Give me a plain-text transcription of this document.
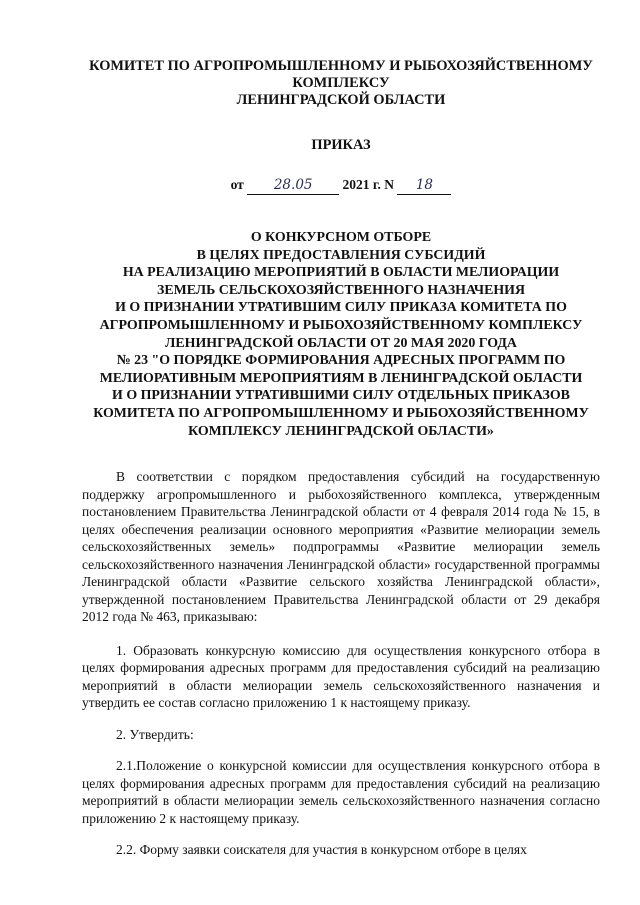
КОМИТЕТ ПО АГРОПРОМЫШЛЕННОМУ И РЫБОХОЗЯЙСТВЕННОМУ
КОМПЛЕКСУ
ЛЕНИНГРАДСКОЙ ОБЛАСТИ
ПРИКАЗ
от 28.05 2021 г. N 18
О КОНКУРСНОМ ОТБОРЕ
В ЦЕЛЯХ ПРЕДОСТАВЛЕНИЯ СУБСИДИЙ
НА РЕАЛИЗАЦИЮ МЕРОПРИЯТИЙ В ОБЛАСТИ МЕЛИОРАЦИИ
ЗЕМЕЛЬ СЕЛЬСКОХОЗЯЙСТВЕННОГО НАЗНАЧЕНИЯ
И О ПРИЗНАНИИ УТРАТИВШИМ СИЛУ ПРИКАЗА КОМИТЕТА ПО
АГРОПРОМЫШЛЕННОМУ И РЫБОХОЗЯЙСТВЕННОМУ КОМПЛЕКСУ
ЛЕНИНГРАДСКОЙ ОБЛАСТИ ОТ 20 МАЯ 2020 ГОДА
№ 23 "О ПОРЯДКЕ ФОРМИРОВАНИЯ АДРЕСНЫХ ПРОГРАММ ПО
МЕЛИОРАТИВНЫМ МЕРОПРИЯТИЯМ В ЛЕНИНГРАДСКОЙ ОБЛАСТИ
И О ПРИЗНАНИИ УТРАТИВШИМИ СИЛУ ОТДЕЛЬНЫХ ПРИКАЗОВ
КОМИТЕТА ПО АГРОПРОМЫШЛЕННОМУ И РЫБОХОЗЯЙСТВЕННОМУ
КОМПЛЕКСУ ЛЕНИНГРАДСКОЙ ОБЛАСТИ»

В соответствии с порядком предоставления субсидий на государственную поддержку агропромышленного и рыбохозяйственного комплекса, утвержденным постановлением Правительства Ленинградской области от 4 февраля 2014 года № 15, в целях обеспечения реализации основного мероприятия «Развитие мелиорации земель сельскохозяйственных земель» подпрограммы «Развитие мелиорации земель сельскохозяйственного назначения Ленинградской области» государственной программы Ленинградской области «Развитие сельского хозяйства Ленинградской области», утвержденной постановлением Правительства Ленинградской области от 29 декабря 2012 года № 463, приказываю:

1. Образовать конкурсную комиссию для осуществления конкурсного отбора в целях формирования адресных программ для предоставления субсидий на реализацию мероприятий в области мелиорации земель сельскохозяйственного назначения и утвердить ее состав согласно приложению 1 к настоящему приказу.

2. Утвердить:

2.1.Положение о конкурсной комиссии для осуществления конкурсного отбора в целях формирования адресных программ для предоставления субсидий на реализацию мероприятий в области мелиорации земель сельскохозяйственного назначения согласно приложению 2 к настоящему приказу.

2.2. Форму заявки соискателя для участия в конкурсном отборе в целях
